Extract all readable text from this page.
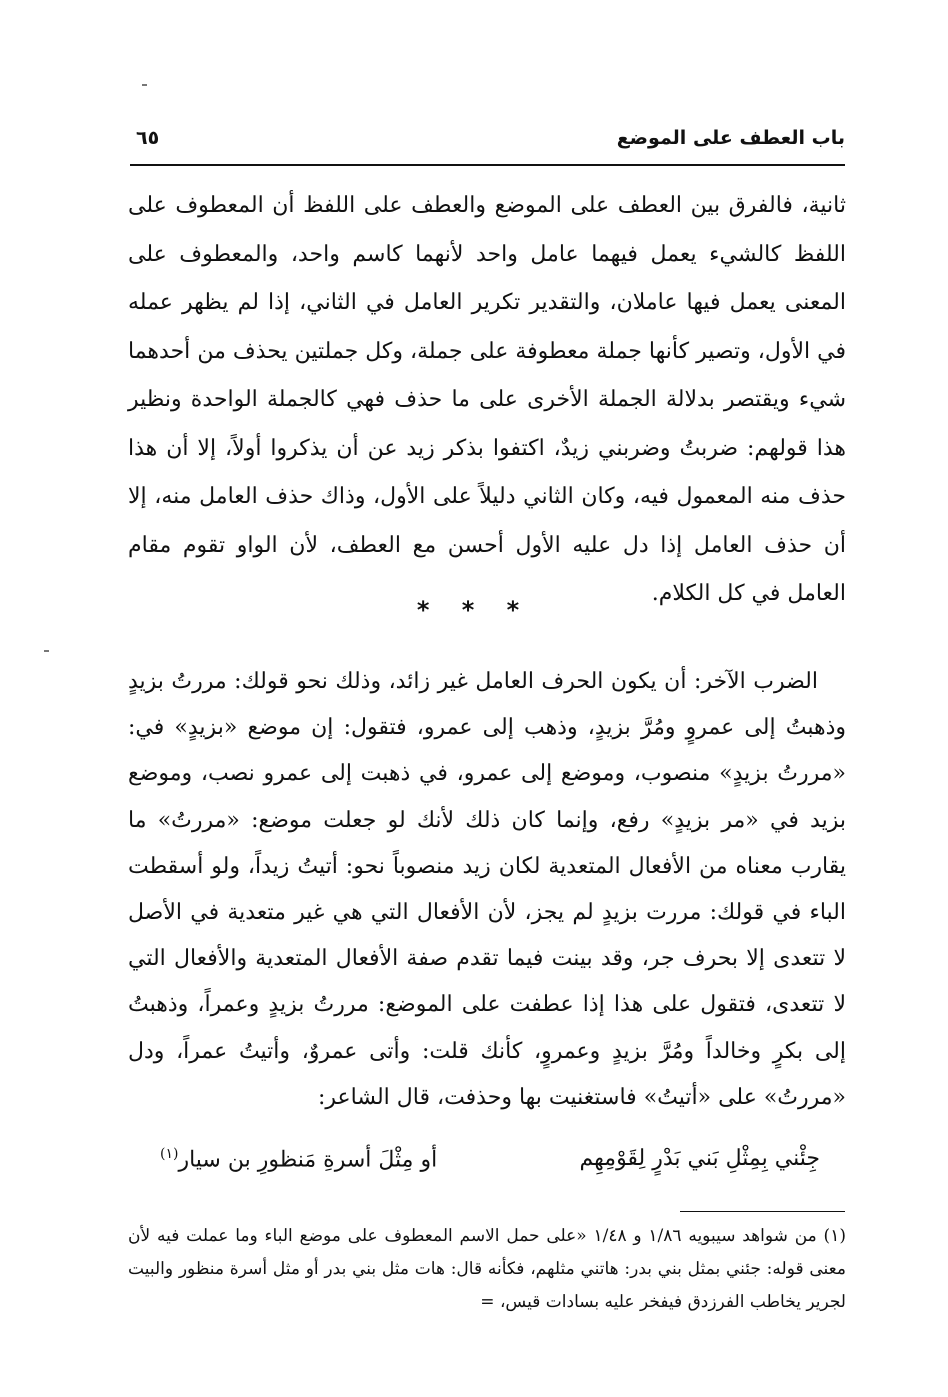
باب العطف على الموضع
٦٥

ثانية، فالفرق بين العطف على الموضع والعطف على اللفظ أن المعطوف على اللفظ كالشيء يعمل فيهما عامل واحد لأنهما كاسم واحد، والمعطوف على المعنى يعمل فيها عاملان، والتقدير تكرير العامل في الثاني، إذا لم يظهر عمله في الأول، وتصير كأنها جملة معطوفة على جملة، وكل جملتين يحذف من أحدهما شيء ويقتصر بدلالة الجملة الأخرى على ما حذف فهي كالجملة الواحدة ونظير هذا قولهم: ضربتُ وضربني زيدٌ، اكتفوا بذكر زيد عن أن يذكروا أولاً، إلا أن هذا حذف منه المعمول فيه، وكان الثاني دليلاً على الأول، وذاك حذف العامل منه، إلا أن حذف العامل إذا دل عليه الأول أحسن مع العطف، لأن الواو تقوم مقام العامل في كل الكلام.

* * *

الضرب الآخر: أن يكون الحرف العامل غير زائد، وذلك نحو قولك: مررتُ بزيدٍ وذهبتُ إلى عمروٍ ومُرَّ بزيدٍ، وذهب إلى عمرو، فتقول: إن موضع «بزيدٍ» في: «مررتُ بزيدٍ» منصوب، وموضع إلى عمرو، في ذهبت إلى عمرو نصب، وموضع بزيد في «مر بزيدٍ» رفع، وإنما كان ذلك لأنك لو جعلت موضع: «مررتُ» ما يقارب معناه من الأفعال المتعدية لكان زيد منصوباً نحو: أتيتُ زيداً، ولو أسقطت الباء في قولك: مررت بزيدٍ لم يجز، لأن الأفعال التي هي غير متعدية في الأصل لا تتعدى إلا بحرف جر، وقد بينت فيما تقدم صفة الأفعال المتعدية والأفعال التي لا تتعدى، فتقول على هذا إذا عطفت على الموضع: مررتُ بزيدٍ وعمراً، وذهبتُ إلى بكرٍ وخالداً ومُرَّ بزيدٍ وعمروٍ، كأنك قلت: وأتى عمروٌ، وأتيتُ عمراً، ودل «مررتُ» على «أتيتُ» فاستغنيت بها وحذفت، قال الشاعر:

جِئْني بِمِثْلِ بَني بَدْرٍ لِقَوْمِهِم
أو مِثْلَ أسرةِ مَنظورِ بن سيار$^{(١)}$

(١) من شواهد سيبويه ١/٨٦ و ١/٤٨ «على حمل الاسم المعطوف على موضع الباء وما عملت فيه لأن معنى قوله: جئني بمثل بني بدر: هاتني مثلهم، فكأنه قال: هات مثل بني بدر أو مثل أسرة منظور والبيت لجرير يخاطب الفرزدق فيفخر عليه بسادات قيس، =
